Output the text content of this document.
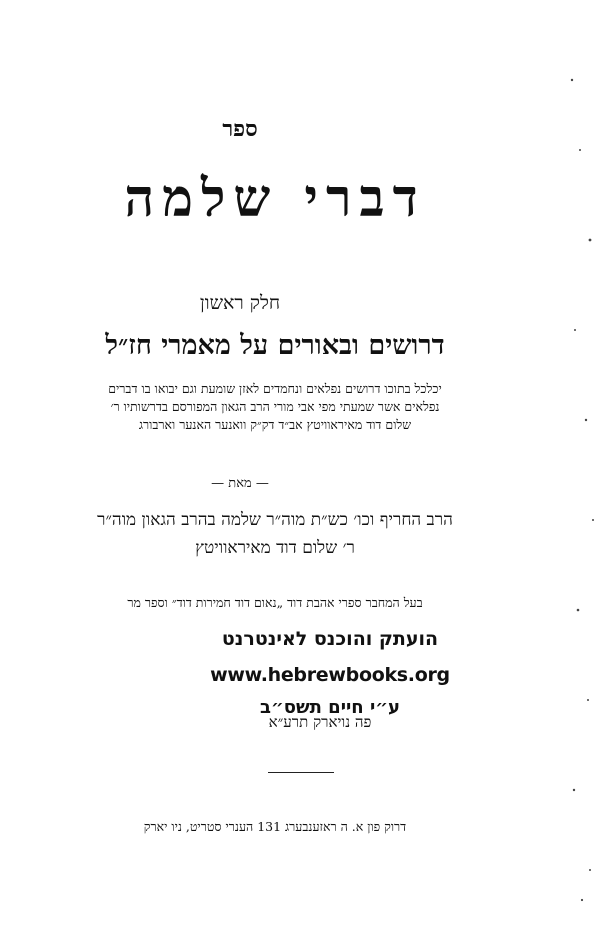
ספר
דברי שלמה
חלק ראשון
דרושים ובאורים על מאמרי חז״ל
יכלכל בתוכו דרושים נפלאים ונחמדים לאזן שומעת וגם יבואו בו דברים
נפלאים אשר שמעתי מפי אבי מורי הרב הגאון המפורסם בדרשותיו ר׳
שלום דוד מאיראוויטץ אב״ד דק״ק וואנער האנער וארבורג
— מאת —
הרב החריף וכו׳ כש״ת מוה״ר שלמה בהרב הגאון מוה״ר
ר׳ שלום דוד מאיראוויטץ
בעל המחבר ספרי אהבת דוד „נאום דוד חמירות דוד״ וספר מר
הועתק והוכנס לאינטרנט
www.hebrewbooks.org
ע״י חיים תשס״ב
פה נויארק תרע״א
דרוק פון א. ה ראזענבערג 131 הענרי סטריט, ניו יארק
